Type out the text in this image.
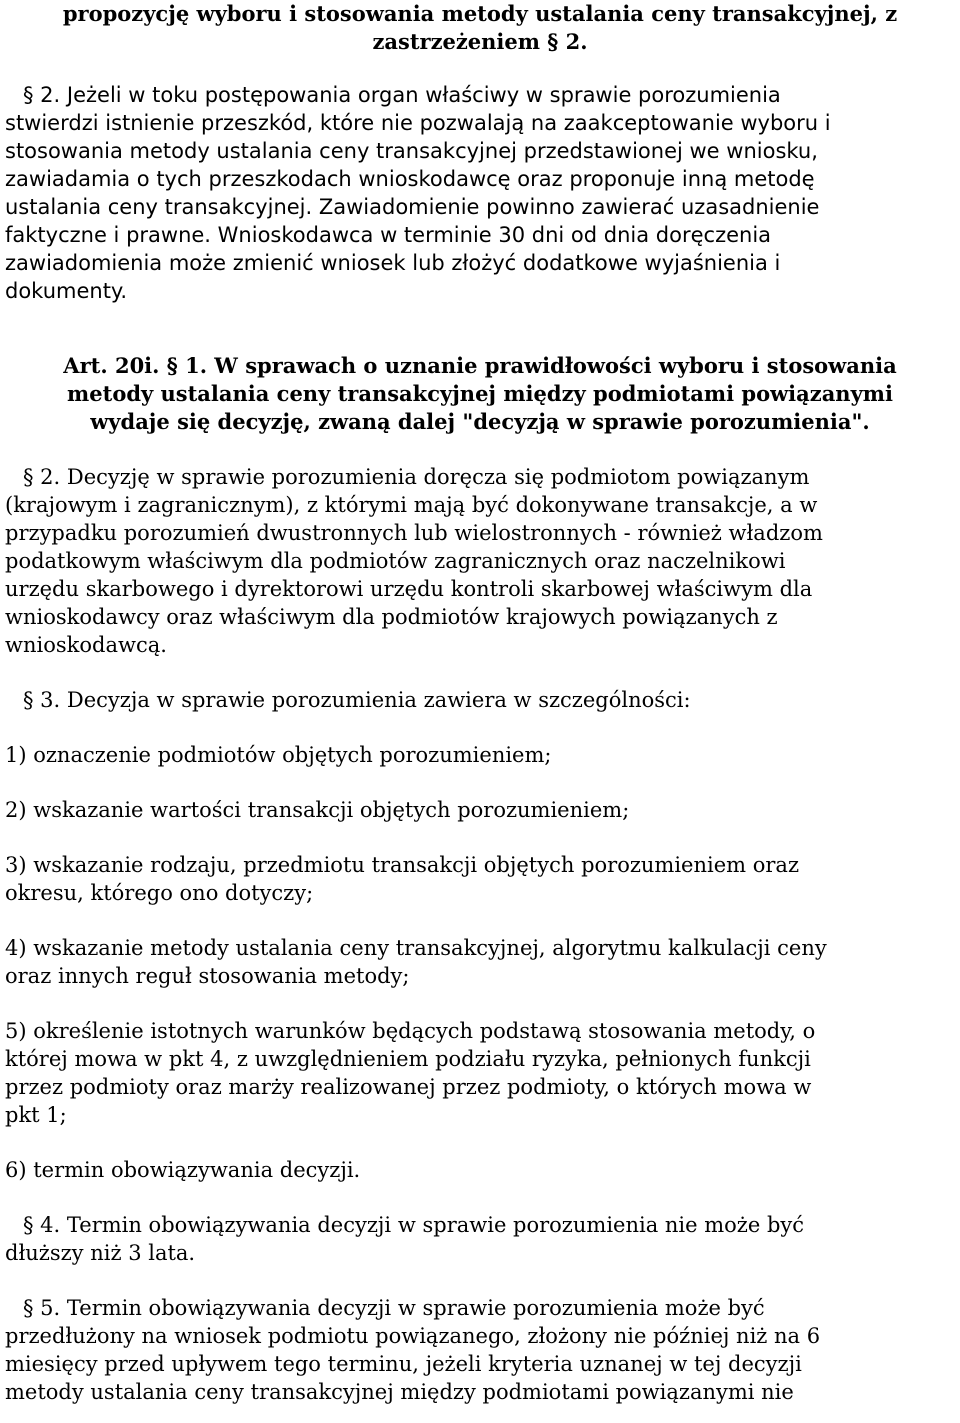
propozycję wyboru i stosowania metody ustalania ceny transakcyjnej, z
zastrzeżeniem § 2.

§ 2. Jeżeli w toku postępowania organ właściwy w sprawie porozumienia
stwierdzi istnienie przeszkód, które nie pozwalają na zaakceptowanie wyboru i
stosowania metody ustalania ceny transakcyjnej przedstawionej we wniosku,
zawiadamia o tych przeszkodach wnioskodawcę oraz proponuje inną metodę
ustalania ceny transakcyjnej. Zawiadomienie powinno zawierać uzasadnienie
faktyczne i prawne. Wnioskodawca w terminie 30 dni od dnia doręczenia
zawiadomienia może zmienić wniosek lub złożyć dodatkowe wyjaśnienia i
dokumenty.

Art. 20i. § 1. W sprawach o uznanie prawidłowości wyboru i stosowania
metody ustalania ceny transakcyjnej między podmiotami powiązanymi
wydaje się decyzję, zwaną dalej "decyzją w sprawie porozumienia".

§ 2. Decyzję w sprawie porozumienia doręcza się podmiotom powiązanym
(krajowym i zagranicznym), z którymi mają być dokonywane transakcje, a w
przypadku porozumień dwustronnych lub wielostronnych - również władzom
podatkowym właściwym dla podmiotów zagranicznych oraz naczelnikowi
urzędu skarbowego i dyrektorowi urzędu kontroli skarbowej właściwym dla
wnioskodawcy oraz właściwym dla podmiotów krajowych powiązanych z
wnioskodawcą.

§ 3. Decyzja w sprawie porozumienia zawiera w szczególności:

1) oznaczenie podmiotów objętych porozumieniem;

2) wskazanie wartości transakcji objętych porozumieniem;

3) wskazanie rodzaju, przedmiotu transakcji objętych porozumieniem oraz
okresu, którego ono dotyczy;

4) wskazanie metody ustalania ceny transakcyjnej, algorytmu kalkulacji ceny
oraz innych reguł stosowania metody;

5) określenie istotnych warunków będących podstawą stosowania metody, o
której mowa w pkt 4, z uwzględnieniem podziału ryzyka, pełnionych funkcji
przez podmioty oraz marży realizowanej przez podmioty, o których mowa w
pkt 1;

6) termin obowiązywania decyzji.

§ 4. Termin obowiązywania decyzji w sprawie porozumienia nie może być
dłuższy niż 3 lata.

§ 5. Termin obowiązywania decyzji w sprawie porozumienia może być
przedłużony na wniosek podmiotu powiązanego, złożony nie później niż na 6
miesięcy przed upływem tego terminu, jeżeli kryteria uznanej w tej decyzji
metody ustalania ceny transakcyjnej między podmiotami powiązanymi nie
